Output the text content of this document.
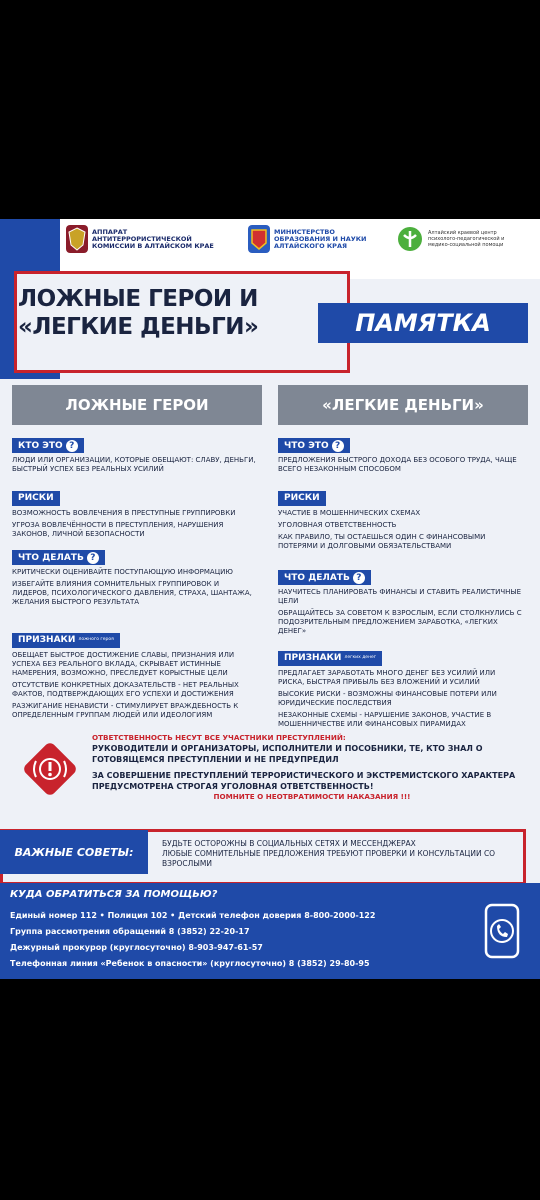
АППАРАТ
АНТИТЕРРОРИСТИЧЕСКОЙ
КОМИССИИ В АЛТАЙСКОМ КРАЕ
МИНИСТЕРСТВО
ОБРАЗОВАНИЯ И НАУКИ
АЛТАЙСКОГО КРАЯ
Алтайский краевой центр
психолого-педагогической и
медико-социальной помощи
ЛОЖНЫЕ ГЕРОИ И
«ЛЕГКИЕ ДЕНЬГИ»	ПАМЯТКА
ЛОЖНЫЕ ГЕРОИ
КТО ЭТО ?
ЛЮДИ ИЛИ ОРГАНИЗАЦИИ, КОТОРЫЕ ОБЕЩАЮТ: СЛАВУ, ДЕНЬГИ, БЫСТРЫЙ УСПЕХ БЕЗ РЕАЛЬНЫХ УСИЛИЙ
РИСКИ
ВОЗМОЖНОСТЬ ВОВЛЕЧЕНИЯ В ПРЕСТУПНЫЕ ГРУППИРОВКИ
УГРОЗА ВОВЛЕЧЁННОСТИ В ПРЕСТУПЛЕНИЯ, НАРУШЕНИЯ ЗАКОНОВ, ЛИЧНОЙ БЕЗОПАСНОСТИ
ЧТО ДЕЛАТЬ ?
КРИТИЧЕСКИ ОЦЕНИВАЙТЕ ПОСТУПАЮЩУЮ ИНФОРМАЦИЮ
ИЗБЕГАЙТЕ ВЛИЯНИЯ СОМНИТЕЛЬНЫХ ГРУППИРОВОК И ЛИДЕРОВ, ПСИХОЛОГИЧЕСКОГО ДАВЛЕНИЯ, СТРАХА, ШАНТАЖА, ЖЕЛАНИЯ БЫСТРОГО РЕЗУЛЬТАТА
ПРИЗНАКИ ложного героя
ОБЕЩАЕТ БЫСТРОЕ ДОСТИЖЕНИЕ СЛАВЫ, ПРИЗНАНИЯ ИЛИ УСПЕХА БЕЗ РЕАЛЬНОГО ВКЛАДА, СКРЫВАЕТ ИСТИННЫЕ НАМЕРЕНИЯ, ВОЗМОЖНО, ПРЕСЛЕДУЕТ КОРЫСТНЫЕ ЦЕЛИ
ОТСУТСТВИЕ КОНКРЕТНЫХ ДОКАЗАТЕЛЬСТВ - НЕТ РЕАЛЬНЫХ ФАКТОВ, ПОДТВЕРЖДАЮЩИХ ЕГО УСПЕХИ И ДОСТИЖЕНИЯ
РАЗЖИГАНИЕ НЕНАВИСТИ - СТИМУЛИРУЕТ ВРАЖДЕБНОСТЬ К ОПРЕДЕЛЕННЫМ ГРУППАМ ЛЮДЕЙ ИЛИ ИДЕОЛОГИЯМ
«ЛЕГКИЕ ДЕНЬГИ»
ЧТО ЭТО ?
ПРЕДЛОЖЕНИЯ БЫСТРОГО ДОХОДА БЕЗ ОСОБОГО ТРУДА, ЧАЩЕ ВСЕГО НЕЗАКОННЫМ СПОСОБОМ
РИСКИ
УЧАСТИЕ В МОШЕННИЧЕСКИХ СХЕМАХ
УГОЛОВНАЯ ОТВЕТСТВЕННОСТЬ
КАК ПРАВИЛО, ТЫ ОСТАЕШЬСЯ ОДИН С ФИНАНСОВЫМИ ПОТЕРЯМИ И ДОЛГОВЫМИ ОБЯЗАТЕЛЬСТВАМИ
ЧТО ДЕЛАТЬ ?
НАУЧИТЕСЬ ПЛАНИРОВАТЬ ФИНАНСЫ И СТАВИТЬ РЕАЛИСТИЧНЫЕ ЦЕЛИ
ОБРАЩАЙТЕСЬ ЗА СОВЕТОМ К ВЗРОСЛЫМ, ЕСЛИ СТОЛКНУЛИСЬ С ПОДОЗРИТЕЛЬНЫМ ПРЕДЛОЖЕНИЕМ ЗАРАБОТКА, «ЛЕГКИХ ДЕНЕГ»
ПРИЗНАКИ легких денег
ПРЕДЛАГАЕТ ЗАРАБОТАТЬ МНОГО ДЕНЕГ БЕЗ УСИЛИЙ ИЛИ РИСКА, БЫСТРАЯ ПРИБЫЛЬ БЕЗ ВЛОЖЕНИЙ И УСИЛИЙ
ВЫСОКИЕ РИСКИ - ВОЗМОЖНЫ ФИНАНСОВЫЕ ПОТЕРИ ИЛИ ЮРИДИЧЕСКИЕ ПОСЛЕДСТВИЯ
НЕЗАКОННЫЕ СХЕМЫ - НАРУШЕНИЕ ЗАКОНОВ, УЧАСТИЕ В МОШЕННИЧЕСТВЕ ИЛИ ФИНАНСОВЫХ ПИРАМИДАХ
ОТВЕТСТВЕННОСТЬ НЕСУТ ВСЕ УЧАСТНИКИ ПРЕСТУПЛЕНИЙ:
РУКОВОДИТЕЛИ И ОРГАНИЗАТОРЫ, ИСПОЛНИТЕЛИ И ПОСОБНИКИ, ТЕ, КТО ЗНАЛ О ГОТОВЯЩЕМСЯ ПРЕСТУПЛЕНИИ И НЕ ПРЕДУПРЕДИЛ
ЗА СОВЕРШЕНИЕ ПРЕСТУПЛЕНИЙ ТЕРРОРИСТИЧЕСКОГО И ЭКСТРЕМИСТСКОГО ХАРАКТЕРА ПРЕДУСМОТРЕНА СТРОГАЯ УГОЛОВНАЯ ОТВЕТСТВЕННОСТЬ!
ПОМНИТЕ О НЕОТВРАТИМОСТИ НАКАЗАНИЯ !!!
ВАЖНЫЕ СОВЕТЫ:
БУДЬТЕ ОСТОРОЖНЫ В СОЦИАЛЬНЫХ СЕТЯХ И МЕССЕНДЖЕРАХ
ЛЮБЫЕ СОМНИТЕЛЬНЫЕ ПРЕДЛОЖЕНИЯ ТРЕБУЮТ ПРОВЕРКИ И КОНСУЛЬТАЦИИ СО ВЗРОСЛЫМИ
КУДА ОБРАТИТЬСЯ ЗА ПОМОЩЬЮ?
Единый номер 112 • Полиция 102 • Детский телефон доверия 8-800-2000-122
Группа рассмотрения обращений 8 (3852) 22-20-17
Дежурный прокурор (круглосуточно) 8-903-947-61-57
Телефонная линия «Ребенок в опасности» (круглосуточно) 8 (3852) 29-80-95
